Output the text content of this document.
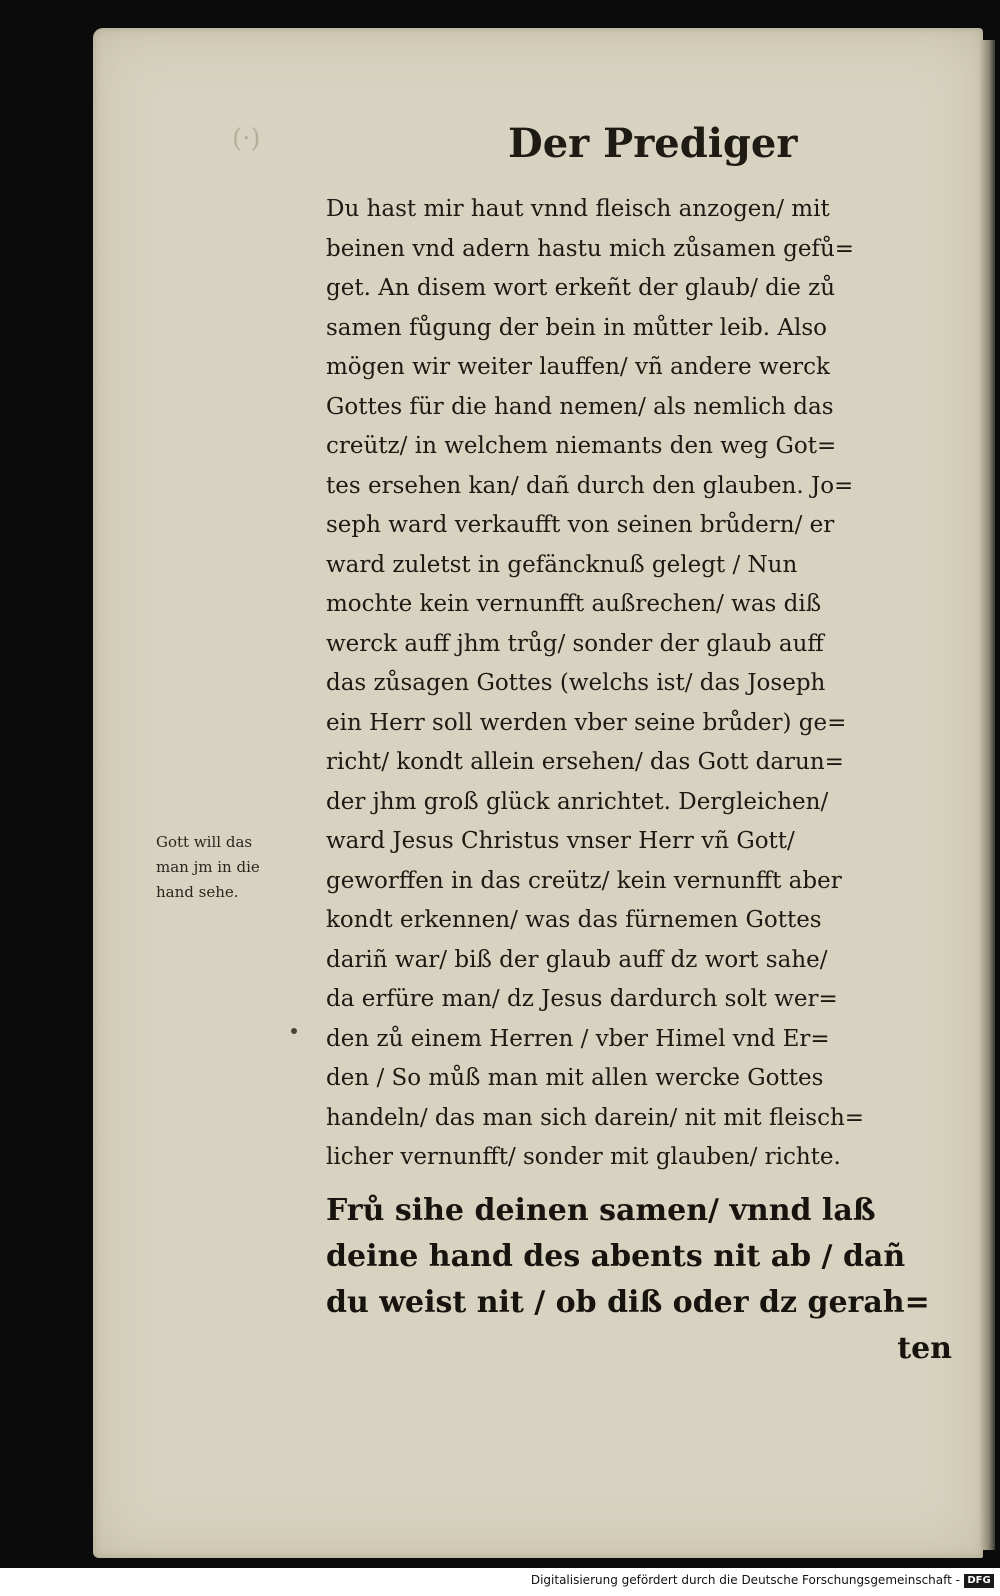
(·)	Der Prediger
Du hast mir haut vnnd fleisch anzogen/ mit
beinen vnd adern hastu mich zůsamen gefů=
get. An disem wort erkeñt der glaub/ die zů
samen fůgung der bein in můtter leib. Also
mögen wir weiter lauffen/ vñ andere werck
Gottes für die hand nemen/ als nemlich das
creütz/ in welchem niemants den weg Got=
tes ersehen kan/ dañ durch den glauben. Jo=
seph ward verkaufft von seinen brůdern/ er
ward zuletst in gefäncknuß gelegt / Nun
mochte kein vernunfft außrechen/ was diß
werck auff jhm trůg/ sonder der glaub auff
das zůsagen Gottes (welchs ist/ das Joseph
ein Herr soll werden vber seine brůder) ge=
richt/ kondt allein ersehen/ das Gott darun=
der jhm groß glück anrichtet. Dergleichen/
ward Jesus Christus vnser Herr vñ Gott/
geworffen in das creütz/ kein vernunfft aber
kondt erkennen/ was das fürnemen Gottes
dariñ war/ biß der glaub auff dz wort sahe/
da erfüre man/ dz Jesus dardurch solt wer=
den zů einem Herren / vber Himel vnd Er=
den / So můß man mit allen wercke Gottes
handeln/ das man sich darein/ nit mit fleisch=
licher vernunfft/ sonder mit glauben/ richte.
Frů sihe deinen samen/ vnnd laß
deine hand des abents nit ab / dañ
du weist nit / ob diß oder dz gerah=
ten
Gott will das
man jm in die
hand sehe.
Digitalisierung gefördert durch die Deutsche Forschungsgemeinschaft - DFG
